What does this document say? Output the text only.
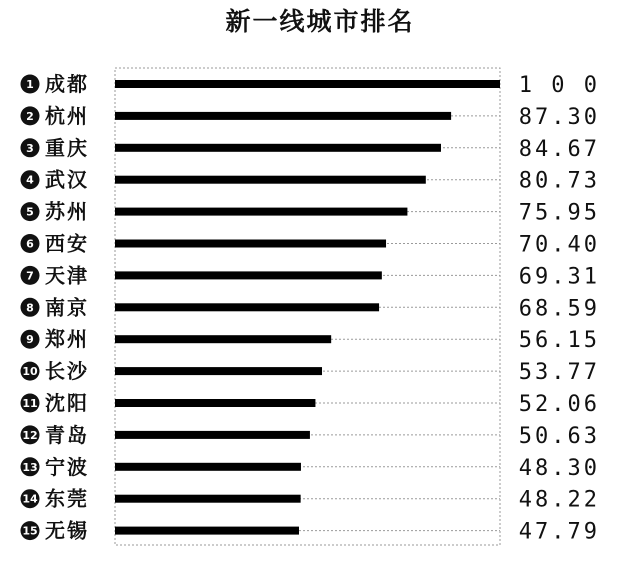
新一线城市排名
1 成都	1 0 0
2 杭州	87.30
3 重庆	84.67
4 武汉	80.73
5 苏州	75.95
6 西安	70.40
7 天津	69.31
8 南京	68.59
9 郑州	56.15
10 长沙	53.77
11 沈阳	52.06
12 青岛	50.63
13 宁波	48.30
14 东莞	48.22
15 无锡	47.79
